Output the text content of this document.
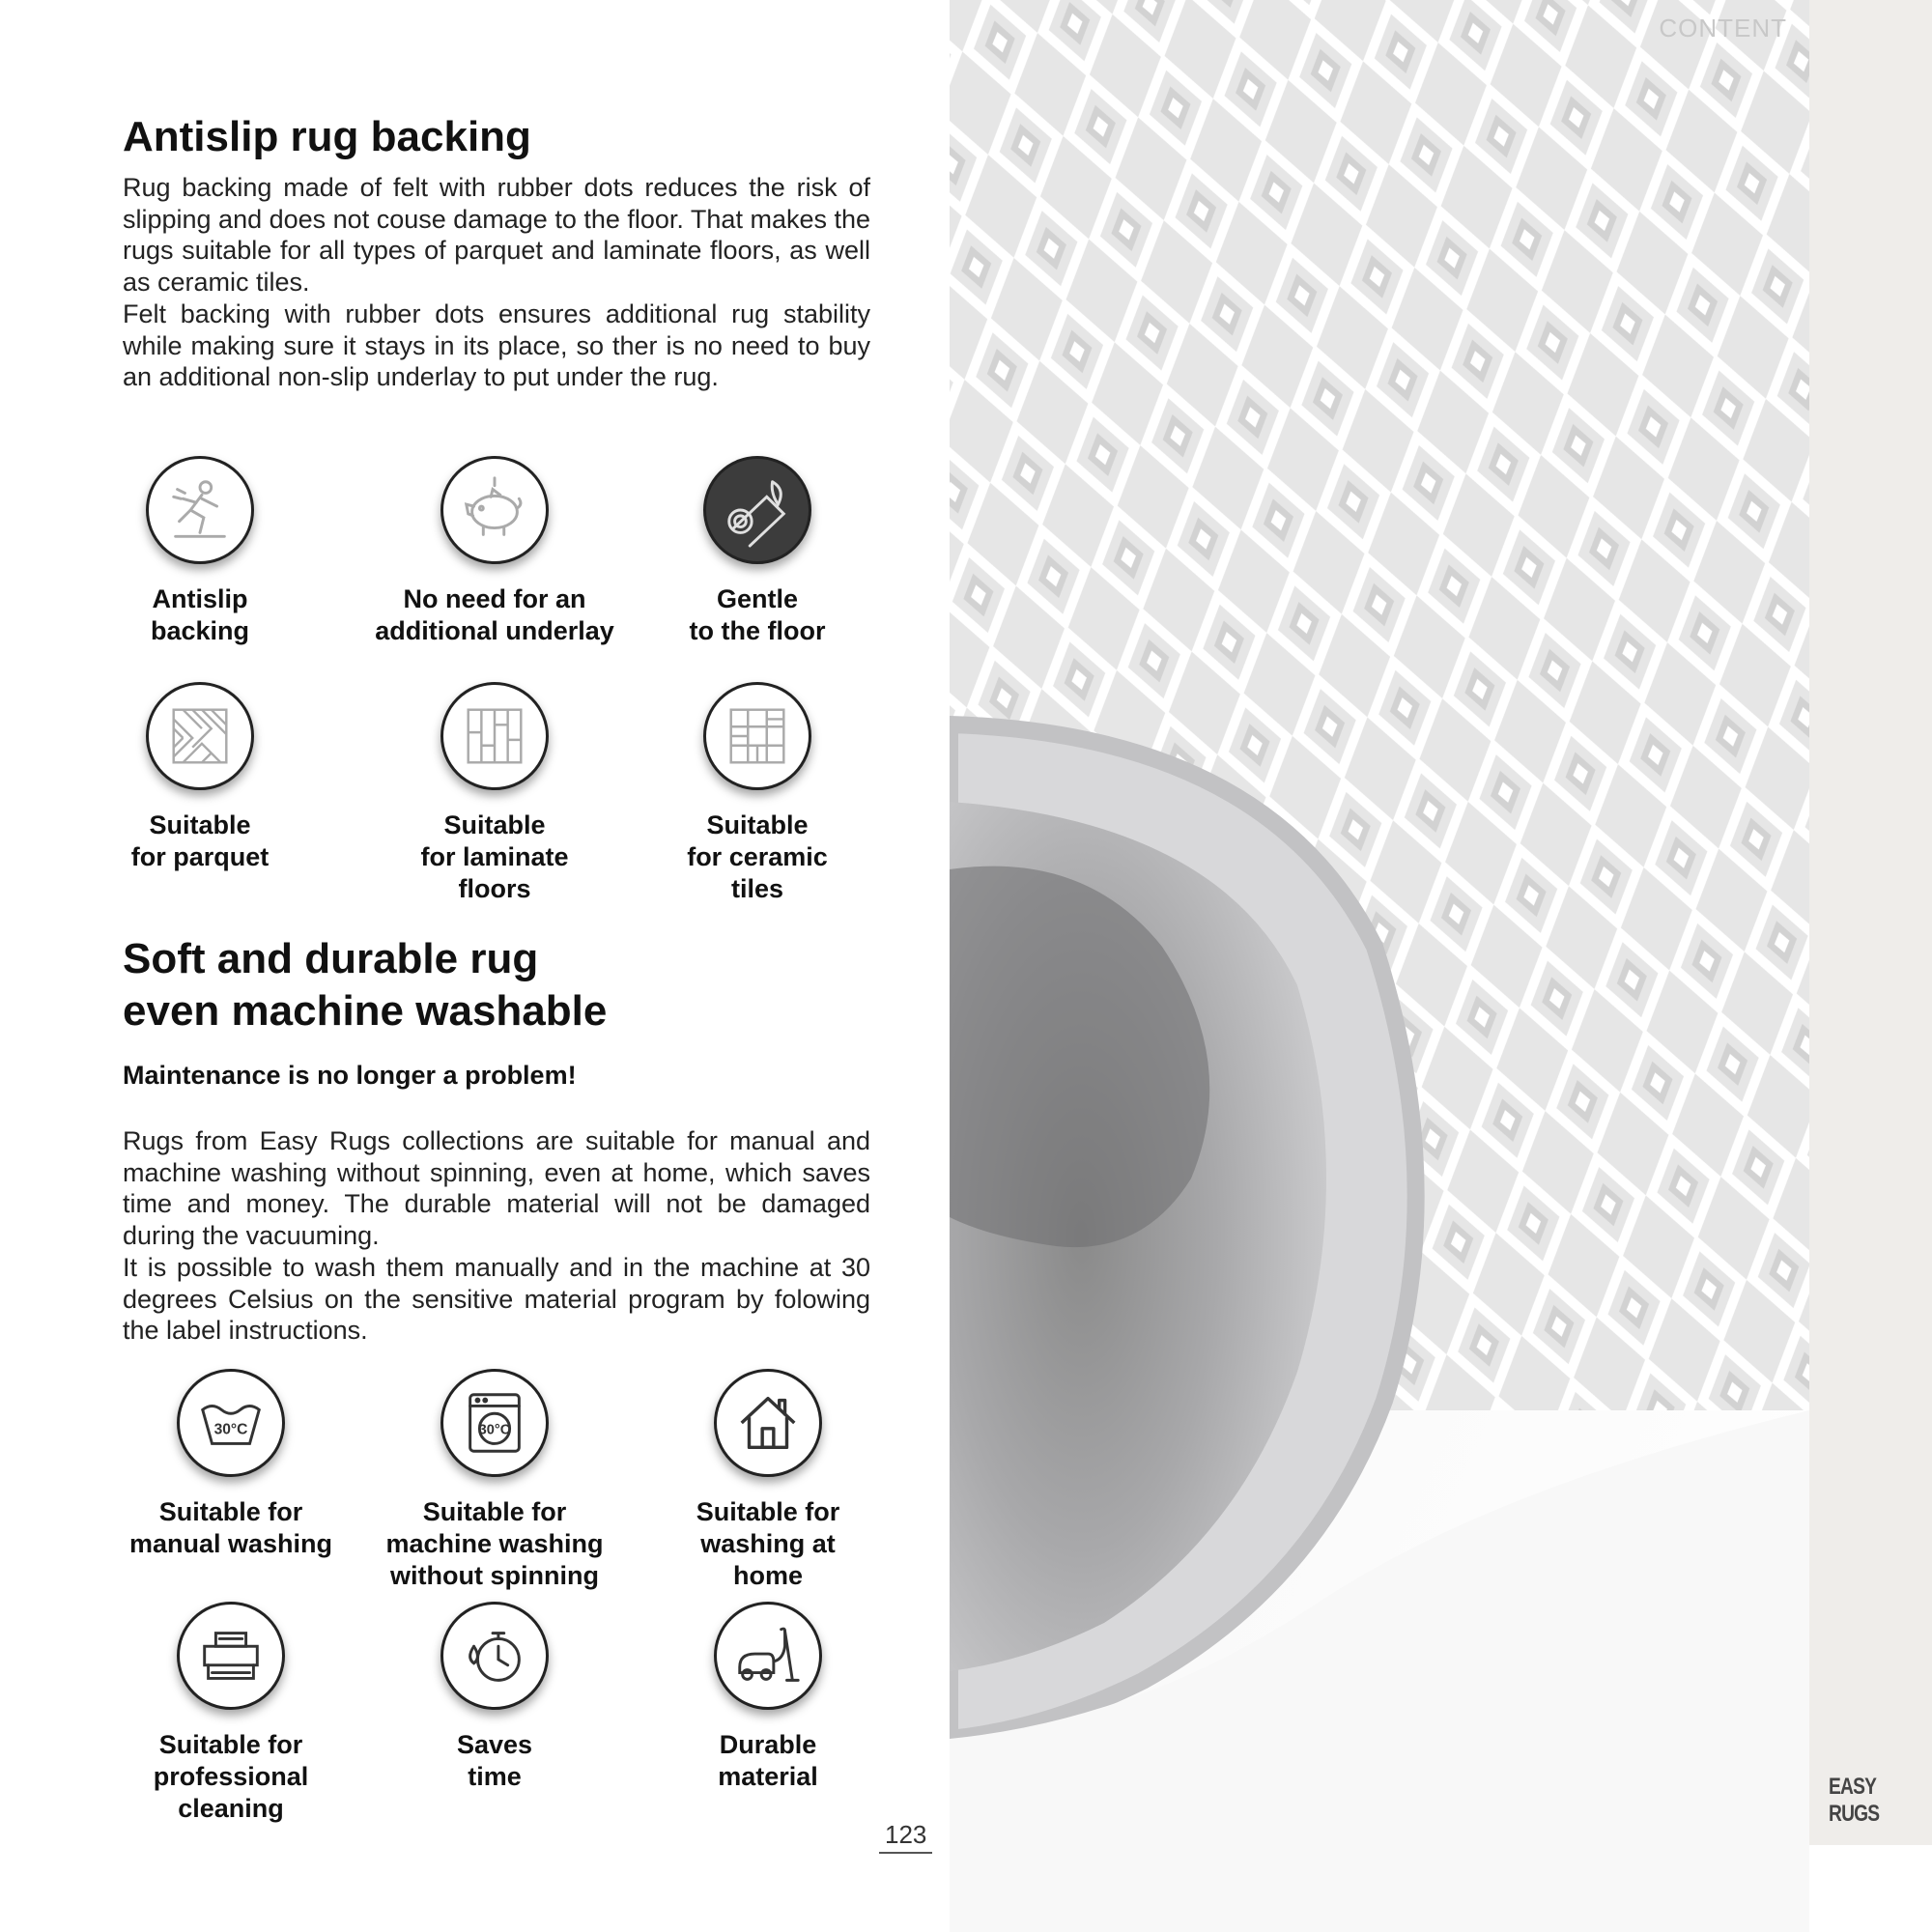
Antislip rug backing

Rug backing made of felt with rubber dots reduces the risk of slipping and does not couse damage to the floor. That makes the rugs suitable for all types of parquet and laminate floors, as well as ceramic tiles.

Felt backing with rubber dots ensures additional rug stability while making sure it stays in its place, so ther is no need to buy an additional non-slip underlay to put under the rug.

Antislip
backing
No need for an
additional underlay
Gentle
to the floor
Suitable
for parquet
Suitable
for laminate
floors
Suitable
for ceramic
tiles
Soft and durable rug
even machine washable
Maintenance is no longer a problem!

Rugs from Easy Rugs collections are suitable for manual and machine washing without spinning, even at home, which saves time and money. The durable material will not be damaged during the vacuuming.

It is possible to wash them manually and in the machine at 30 degrees Celsius on the sensitive material program by folowing the label instructions.

30°C
Suitable for
manual washing
30°C
Suitable for
machine washing
without spinning
Suitable for
washing at
home
Suitable for
professional
cleaning
Saves
time
Durable
material
123
CONTENT
EASY RUGS
